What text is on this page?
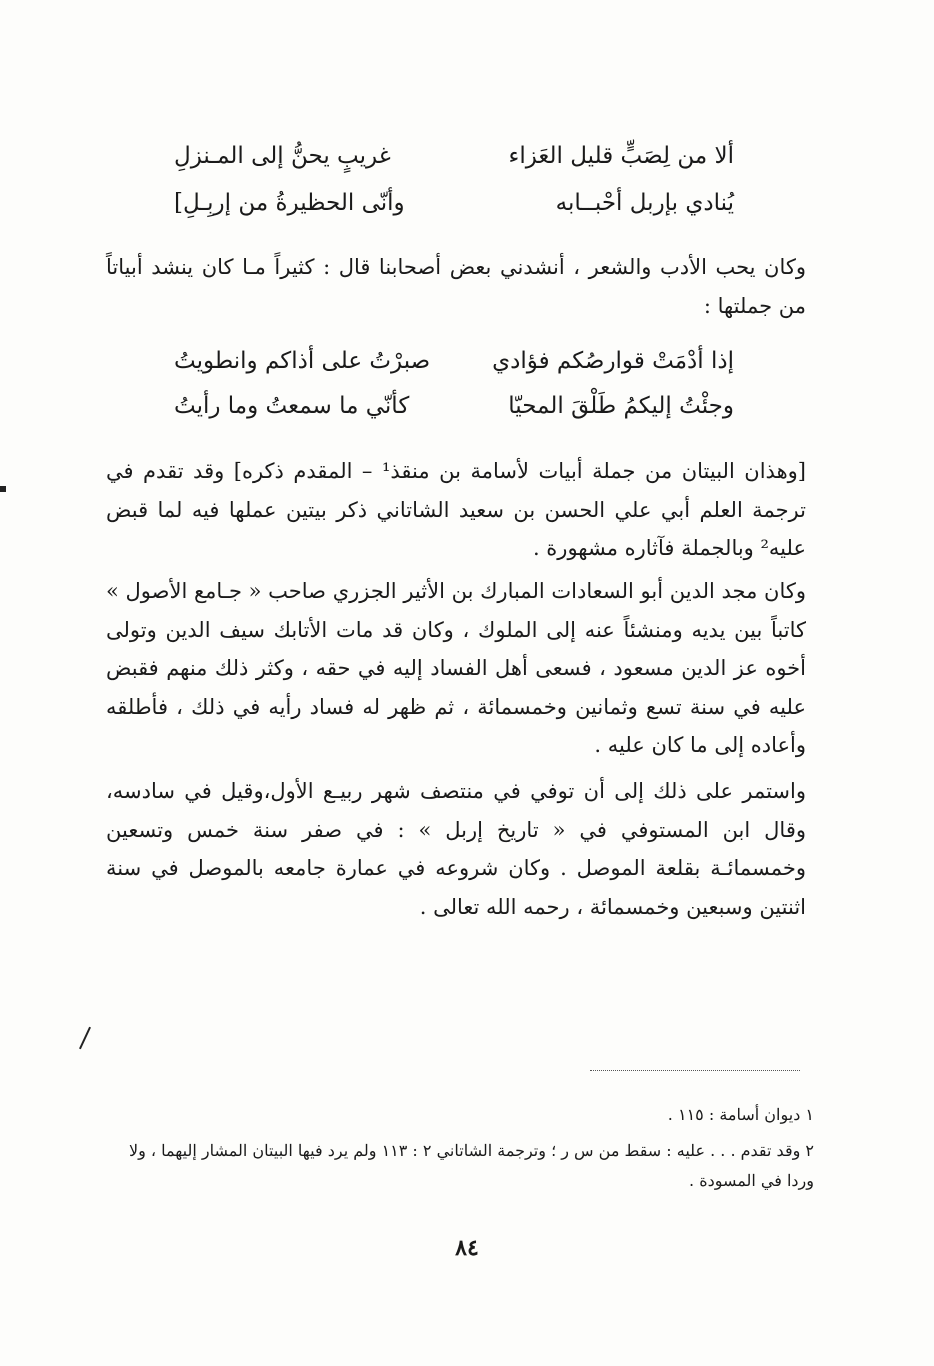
ألا من لِصَبٍّ قليل العَزاء
غريبٍ يحنُّ إلى المـنزلِ
يُنادي بإربل أحْبــابه
وأنّى الحظيرةُ من إربِـلِ]

وكان يحب الأدب والشعر ، أنشدني بعض أصحابنا قال : كثيراً مـا كان ينشد أبياتاً من جملتها :

إذا أدْمَتْ قوارصُكم فؤادي
صبرْتُ على أذاكم وانطويتُ
وجئْتُ إليكمُ طَلْقَ المحيّا
كأنّي ما سمعتُ وما رأيتُ

[وهذان البيتان من جملة أبيات لأسامة بن منقذ¹ – المقدم ذكره] وقد تقدم في ترجمة العلم أبي علي الحسن بن سعيد الشاتاني ذكر بيتين عملها فيه لما قبض عليه² وبالجملة فآثاره مشهورة .

وكان مجد الدين أبو السعادات المبارك بن الأثير الجزري صاحب « جـامع الأصول » كاتباً بين يديه ومنشئاً عنه إلى الملوك ، وكان قد مات الأتابك سيف الدين وتولى أخوه عز الدين مسعود ، فسعى أهل الفساد إليه في حقه ، وكثر ذلك منهم فقبض عليه في سنة تسع وثمانين وخمسمائة ، ثم ظهر له فساد رأيه في ذلك ، فأطلقه وأعاده إلى ما كان عليه .

واستمر على ذلك إلى أن توفي في منتصف شهر ربيـع الأول،وقيل في سادسه، وقال ابن المستوفي في « تاريخ إربل » : في صفر سنة خمس وتسعين وخمسمائـة بقلعة الموصل . وكان شروعه في عمارة جامعه بالموصل في سنة اثنتين وسبعين وخمسمائة ، رحمه الله تعالى .

١ ديوان أسامة : ١١٥ .
٢ وقد تقدم . . . عليه : سقط من س ر ؛ وترجمة الشاتاني ٢ : ١١٣ ولم يرد فيها البيتان المشار إليهما ، ولا وردا في المسودة .
٨٤
